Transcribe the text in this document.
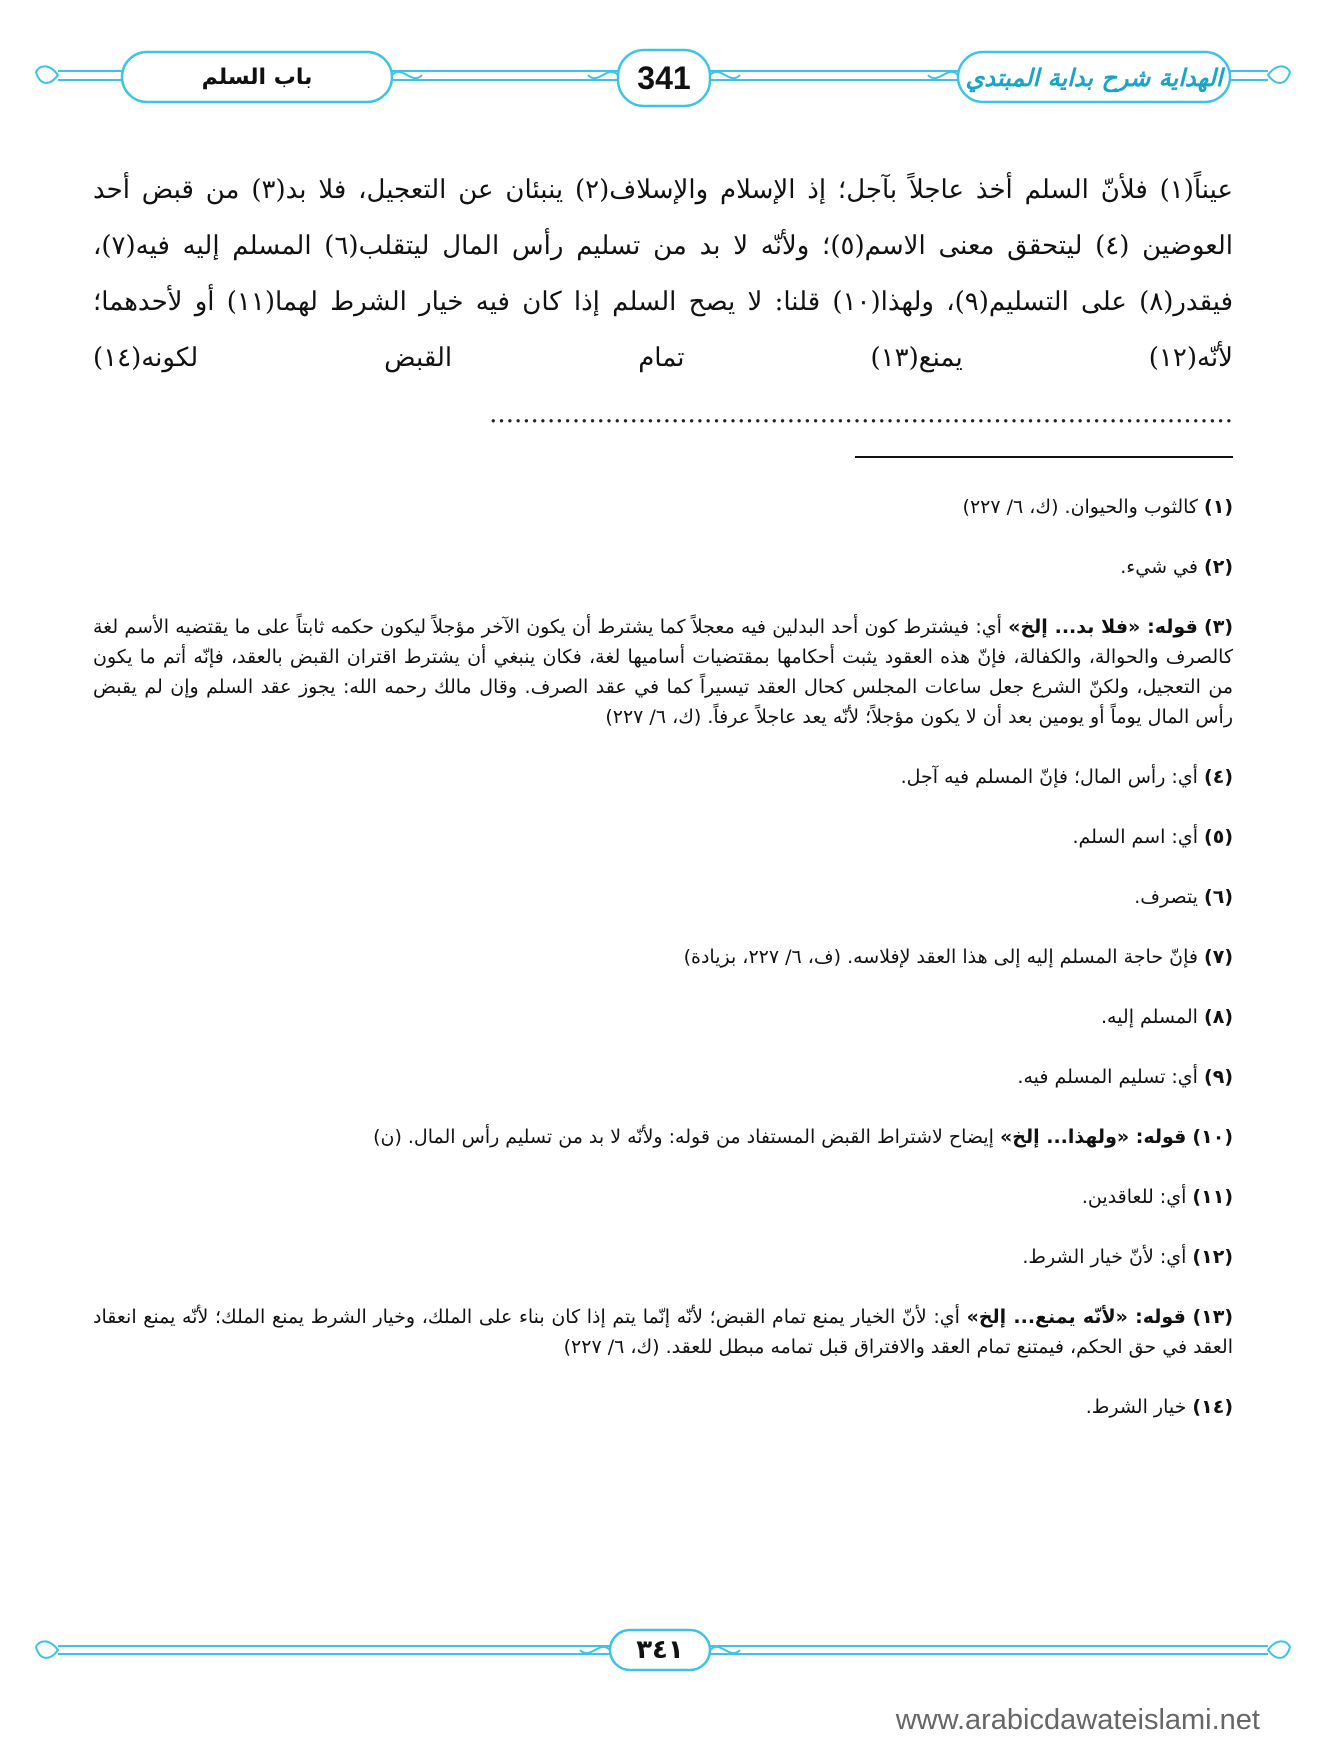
باب السلم	341	الهداية شرح بداية المبتدي
عيناً(١) فلأنّ السلم أخذ عاجلاً بآجل؛ إذ الإسلام والإسلاف(٢) ينبئان عن التعجيل، فلا بد(٣) من قبض أحد العوضين (٤) ليتحقق معنى الاسم(٥)؛ ولأنّه لا بد من تسليم رأس المال ليتقلب(٦) المسلم إليه فيه(٧)، فيقدر(٨) على التسليم(٩)، ولهذا(١٠) قلنا: لا يصح السلم إذا كان فيه خيار الشرط لهما(١١) أو لأحدهما؛ لأنّه(١٢) يمنع(١٣) تمام القبض لكونه(١٤) ..........................................................................................
(١) كالثوب والحيوان. (ك، ٦/ ٢٢٧)
(٢) في شيء.
(٣) قوله: «فلا بد... إلخ» أي: فيشترط كون أحد البدلين فيه معجلاً كما يشترط أن يكون الآخر مؤجلاً ليكون حكمه ثابتاً على ما يقتضيه الأسم لغة كالصرف والحوالة، والكفالة، فإنّ هذه العقود يثبت أحكامها بمقتضيات أساميها لغة، فكان ينبغي أن يشترط اقتران القبض بالعقد، فإنّه أتم ما يكون من التعجيل، ولكنّ الشرع جعل ساعات المجلس كحال العقد تيسيراً كما في عقد الصرف. وقال مالك رحمه الله: يجوز عقد السلم وإن لم يقبض رأس المال يوماً أو يومين بعد أن لا يكون مؤجلاً؛ لأنّه يعد عاجلاً عرفاً. (ك، ٦/ ٢٢٧)
(٤) أي: رأس المال؛ فإنّ المسلم فيه آجل.
(٥) أي: اسم السلم.
(٦) يتصرف.
(٧) فإنّ حاجة المسلم إليه إلى هذا العقد لإفلاسه. (ف، ٦/ ٢٢٧، بزيادة)
(٨) المسلم إليه.
(٩) أي: تسليم المسلم فيه.
(١٠) قوله: «ولهذا... إلخ» إيضاح لاشتراط القبض المستفاد من قوله: ولأنّه لا بد من تسليم رأس المال. (ن)
(١١) أي: للعاقدين.
(١٢) أي: لأنّ خيار الشرط.
(١٣) قوله: «لأنّه يمنع... إلخ» أي: لأنّ الخيار يمنع تمام القبض؛ لأنّه إنّما يتم إذا كان بناء على الملك، وخيار الشرط يمنع الملك؛ لأنّه يمنع انعقاد العقد في حق الحكم، فيمتنع تمام العقد والافتراق قبل تمامه مبطل للعقد. (ك، ٦/ ٢٢٧)
(١٤) خيار الشرط.
٣٤١
www.arabicdawateislami.net
